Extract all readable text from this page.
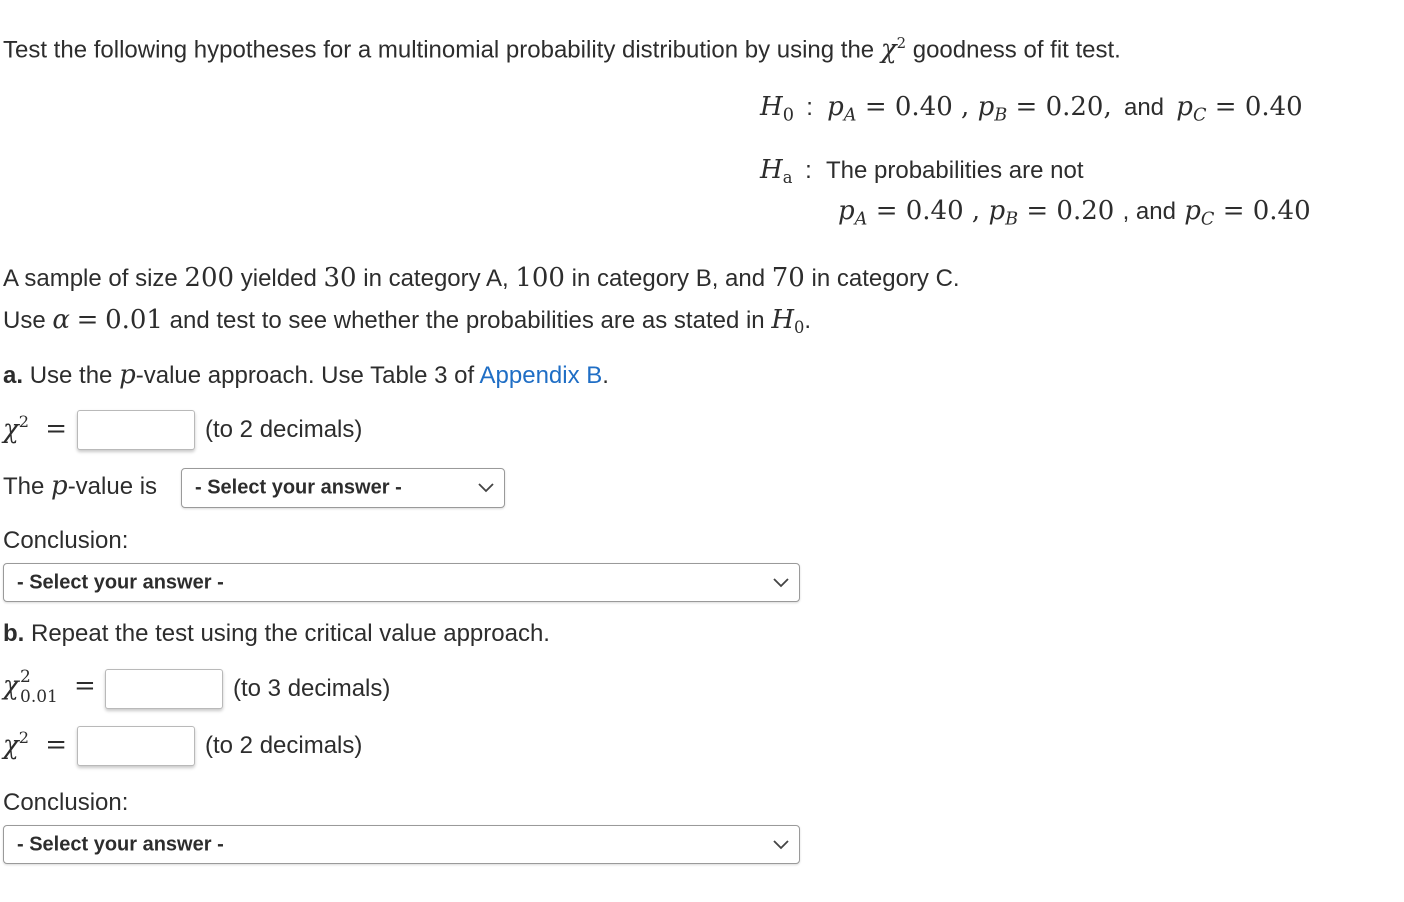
Test the following hypotheses for a multinomial probability distribution by using the $\chi^2$ goodness of fit test.
$H_0$ : $p_A = 0.40$ , $p_B = 0.20$, and $p_C = 0.40$
$H_a$ : The probabilities are not
$p_A = 0.40$ , $p_B = 0.20$ , and $p_C = 0.40$
A sample of size 200 yielded 30 in category A, 100 in category B, and 70 in category C.
Use α = 0.01 and test to see whether the probabilities are as stated in $H_0$.
a. Use the p-value approach. Use Table 3 of Appendix B.
$\chi^2$ =	(to 2 decimals)
The p-value is - Select your answer -
Conclusion:
- Select your answer -
b. Repeat the test using the critical value approach.
χ 2
0.01 =	(to 3 decimals)
$\chi^2$ =	(to 2 decimals)
Conclusion:
- Select your answer -
